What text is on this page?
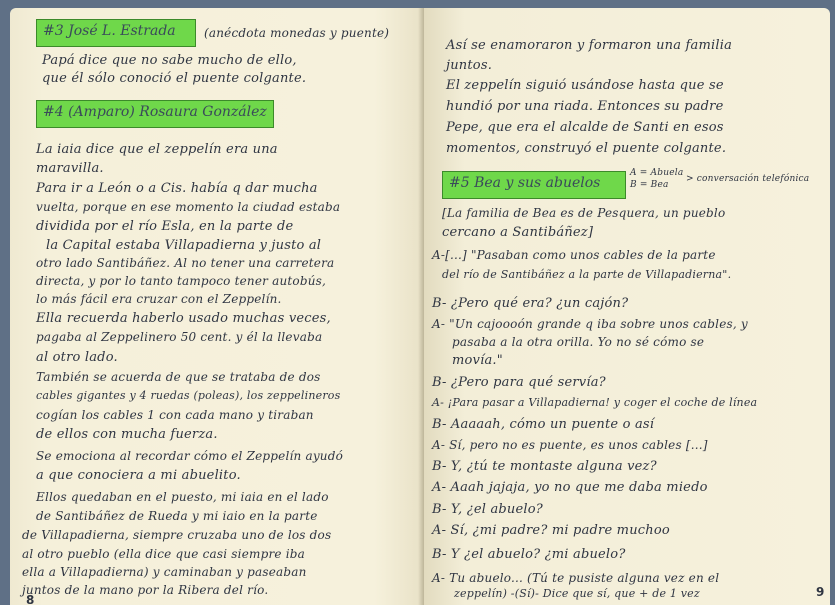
#3 José L. Estrada (anécdota monedas y puente)
Papá dice que no sabe mucho de ello,
que él sólo conoció el puente colgante.
#4 (Amparo) Rosaura González
La iaia dice que el zeppelín era una
maravilla.
Para ir a León o a Cis. había q dar mucha
vuelta, porque en ese momento la ciudad estaba
dividida por el río Esla, en la parte de
la Capital estaba Villapadierna y justo al
otro lado Santibáñez. Al no tener una carretera
directa, y por lo tanto tampoco tener autobús,
lo más fácil era cruzar con el Zeppelín.
Ella recuerda haberlo usado muchas veces,
pagaba al Zeppelinero 50 cent. y él la llevaba
al otro lado.
También se acuerda de que se trataba de dos
cables gigantes y 4 ruedas (poleas), los zeppelineros
cogían los cables 1 con cada mano y tiraban
de ellos con mucha fuerza.
Se emociona al recordar cómo el Zeppelín ayudó
a que conociera a mi abuelito.
Ellos quedaban en el puesto, mi iaia en el lado
de Santibáñez de Rueda y mi iaio en la parte
de Villapadierna, siempre cruzaba uno de los dos
al otro pueblo (ella dice que casi siempre iba
ella a Villapadierna) y caminaban y paseaban
juntos de la mano por la Ribera del río.
8
Así se enamoraron y formaron una familia
juntos.
El zeppelín siguió usándose hasta que se
hundió por una riada. Entonces su padre
Pepe, que era el alcalde de Santi en esos
momentos, construyó el puente colgante.
#5 Bea y sus abuelos
A = Abuela
B = Bea
> conversación telefónica
[La familia de Bea es de Pesquera, un pueblo
cercano a Santibáñez]
A-[...] "Pasaban como unos cables de la parte
del río de Santibáñez a la parte de Villapadierna".
B- ¿Pero qué era? ¿un cajón?
A- "Un cajoooón grande q iba sobre unos cables, y
pasaba a la otra orilla. Yo no sé cómo se
movía."
B- ¿Pero para qué servía?
A- ¡Para pasar a Villapadierna! y coger el coche de línea
B- Aaaaah, cómo un puente o así
A- Sí, pero no es puente, es unos cables [...]
B- Y, ¿tú te montaste alguna vez?
A- Aaah jajaja, yo no que me daba miedo
B- Y, ¿el abuelo?
A- Sí, ¿mi padre? mi padre muchoo
B- Y ¿el abuelo? ¿mi abuelo?
A- Tu abuelo... (Tú te pusiste alguna vez en el
zeppelín) -(Sí)- Dice que sí, que + de 1 vez	9
